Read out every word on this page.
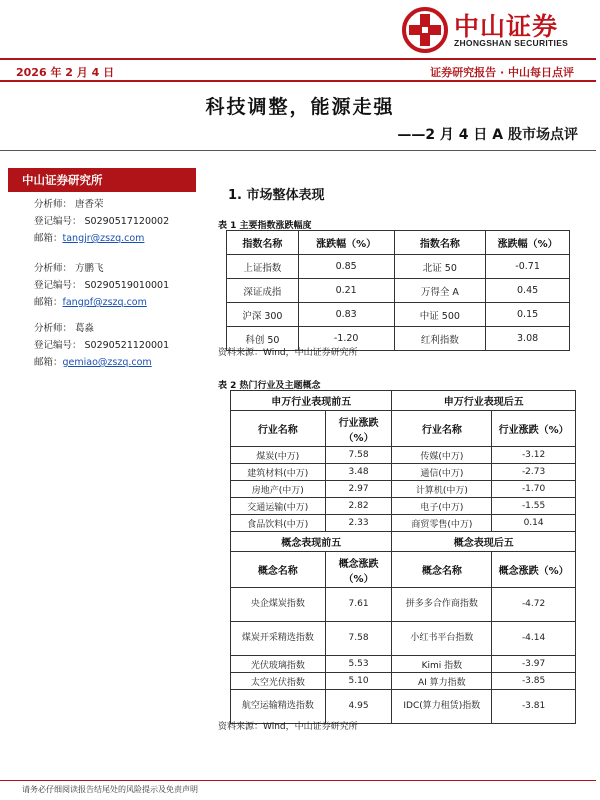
中山证券
ZHONGSHAN SECURITIES
2026 年 2 月 4 日	证券研究报告 · 中山每日点评
科技调整，能源走强
——2 月 4 日 A 股市场点评
中山证券研究所
分析师： 唐香荣
登记编号： S0290517120002
邮箱：tangjr@zszq.com
分析师： 方鹏飞
登记编号： S0290519010001
邮箱：fangpf@zszq.com
分析师： 葛淼
登记编号： S0290521120001
邮箱：gemiao@zszq.com
1. 市场整体表现
表 1 主要指数涨跌幅度
指数名称	涨跌幅（%）	指数名称	涨跌幅（%）
上证指数	0.85	北证 50	-0.71
深证成指	0.21	万得全 A	0.45
沪深 300	0.83	中证 500	0.15
科创 50	-1.20	红利指数	3.08
资料来源：Wind，中山证券研究所
表 2 热门行业及主题概念
申万行业表现前五		申万行业表现后五	
行业名称	行业涨跌（%）	行业名称	行业涨跌（%）
煤炭(中万)	7.58	传媒(中万)	-3.12
建筑材料(中万)	3.48	通信(中万)	-2.73
房地产(中万)	2.97	计算机(中万)	-1.70
交通运输(中万)	2.82	电子(中万)	-1.55
食品饮料(中万)	2.33	商贸零售(中万)	0.14
概念表现前五		概念表现后五	
概念名称	概念涨跌（%）	概念名称	概念涨跌（%）
央企煤炭指数	7.61	拼多多合作商指数	-4.72
煤炭开采精选指数	7.58	小红书平台指数	-4.14
光伏玻璃指数	5.53	Kimi 指数	-3.97
太空光伏指数	5.10	AI 算力指数	-3.85
航空运输精选指数	4.95	IDC(算力租赁)指数	-3.81
资料来源：Wind，中山证券研究所
请务必仔细阅读报告结尾处的风险提示及免责声明
